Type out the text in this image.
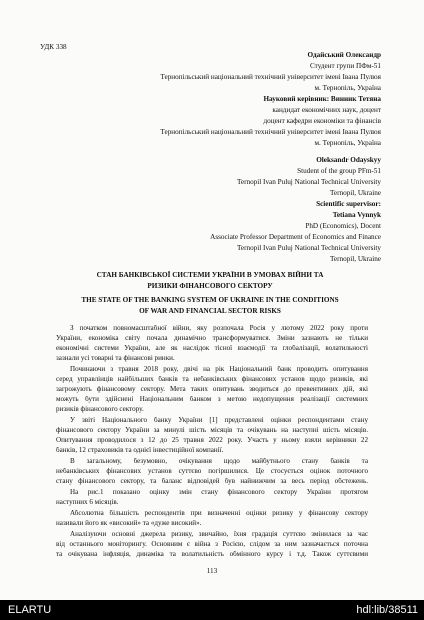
УДК 338
Одайський Олександр
Студент групи ПФм-51
Тернопільський національний технічний університет імені Івана Пулюя
м. Тернопіль, Україна
Науковий керівник: Винник Тетяна
кандидат економічних наук, доцент
доцент кафедри економіки та фінансів
Тернопільський національний технічний університет імені Івана Пулюя
м. Тернопіль, Україна
Oleksandr Odayskyy
Student of the group PFm-51
Ternopil Ivan Puluj National Technical University
Ternopil, Ukraine
Scientific supervisor:
Tetiana Vynnyk
PhD (Economics), Docent
Associate Professor Department of Economics and Finance
Ternopil Ivan Puluj National Technical University
Ternopil, Ukraine
СТАН БАНКІВСЬКОЇ СИСТЕМИ УКРАЇНИ В УМОВАХ ВІЙНИ ТА
РИЗИКИ ФІНАНСОВОГО СЕКТОРУ
THE STATE OF THE BANKING SYSTEM OF UKRAINE IN THE CONDITIONS
OF WAR AND FINANCIAL SECTOR RISKS
З початком повномасштабної війни, яку розпочала Росія у лютому 2022 року проти
України, економіка світу почала динамічно трансформуватися. Зміни зазнають не тільки
економічні системи України, але як наслідок тісної взаємодії та глобалізації, волатильності
зазнали усі товарні та фінансові ринки.
Починаючи з травня 2018 року, двічі на рік Національний банк проводить опитування
серед управлінців найбільших банків та небанківських фінансових установ щодо ризиків, які
загрожують фінансовому сектору. Мета таких опитувань зводиться до превентивних дій, які
можуть бути здійснені Національним банком з метою недопущення реалізації системних
ризиків фінансового сектору.
У звіті Національного банку України [1] представлені оцінки респондентами стану
фінансового сектору України за минулі шість місяців та очікувань на наступні шість місяців.
Опитування проводилося з 12 до 25 травня 2022 року. Участь у ньому взяли керівники 22
банків, 12 страховиків та однієї інвестиційної компанії.
В загальному, безумовно, очікування щодо майбутнього стану банків та
небанківських фінансових установ суттєво погіршилися. Це стосується оцінок поточного
стану фінансового сектору, та баланс відповідей був найнижчим за весь період обстежень.
На рис.1 показано оцінку змін стану фінансового сектору України протягом
наступних 6 місяців.
Абсолютна більшість респондентів при визначенні оцінки ризику у фінансову сектору
називали його як «високий» та «дуже високий».
Аналізуючи основні джерела ризику, звичайно, їхня градація суттєво змінилася за час
від останнього моніторингу. Основним є війна з Росією, слідом за ним зазначається поточна
та очікувана інфляція, динаміка та волатильність обмінного курсу і т.д. Також суттєвими
113
ELARTU	hdl:lib/38511
